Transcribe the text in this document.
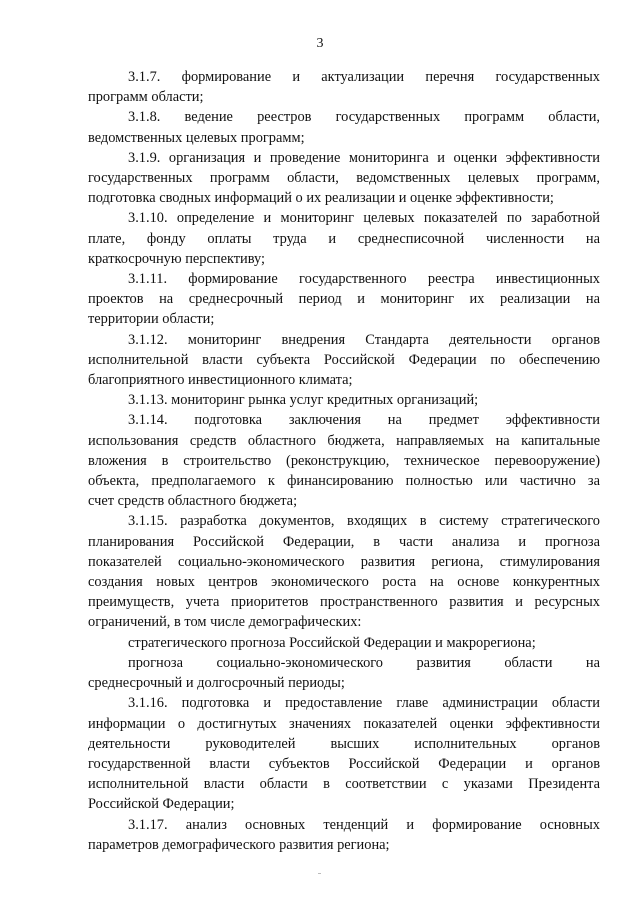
3

3.1.7. формирование и актуализации перечня государственных
программ области;

3.1.8. ведение реестров государственных программ области,
ведомственных целевых программ;

3.1.9. организация и проведение мониторинга и оценки эффективности
государственных программ области, ведомственных целевых программ,
подготовка сводных информаций о их реализации и оценке эффективности;

3.1.10. определение и мониторинг целевых показателей по заработной
плате, фонду оплаты труда и среднесписочной численности на
краткосрочную перспективу;

3.1.11. формирование государственного реестра инвестиционных
проектов на среднесрочный период и мониторинг их реализации на
территории области;

3.1.12. мониторинг внедрения Стандарта деятельности органов
исполнительной власти субъекта Российской Федерации по обеспечению
благоприятного инвестиционного климата;

3.1.13. мониторинг рынка услуг кредитных организаций;

3.1.14. подготовка заключения на предмет эффективности
использования средств областного бюджета, направляемых на капитальные
вложения в строительство (реконструкцию, техническое перевооружение)
объекта, предполагаемого к финансированию полностью или частично за
счет средств областного бюджета;

3.1.15. разработка документов, входящих в систему стратегического
планирования Российской Федерации, в части анализа и прогноза
показателей социально-экономического развития региона, стимулирования
создания новых центров экономического роста на основе конкурентных
преимуществ, учета приоритетов пространственного развития и ресурсных
ограничений, в том числе демографических:

стратегического прогноза Российской Федерации и макрорегиона;

прогноза социально-экономического развития области на
среднесрочный и долгосрочный периоды;

3.1.16. подготовка и предоставление главе администрации области
информации о достигнутых значениях показателей оценки эффективности
деятельности руководителей высших исполнительных органов
государственной власти субъектов Российской Федерации и органов
исполнительной власти области в соответствии с указами Президента
Российской Федерации;

3.1.17. анализ основных тенденций и формирование основных
параметров демографического развития региона;
